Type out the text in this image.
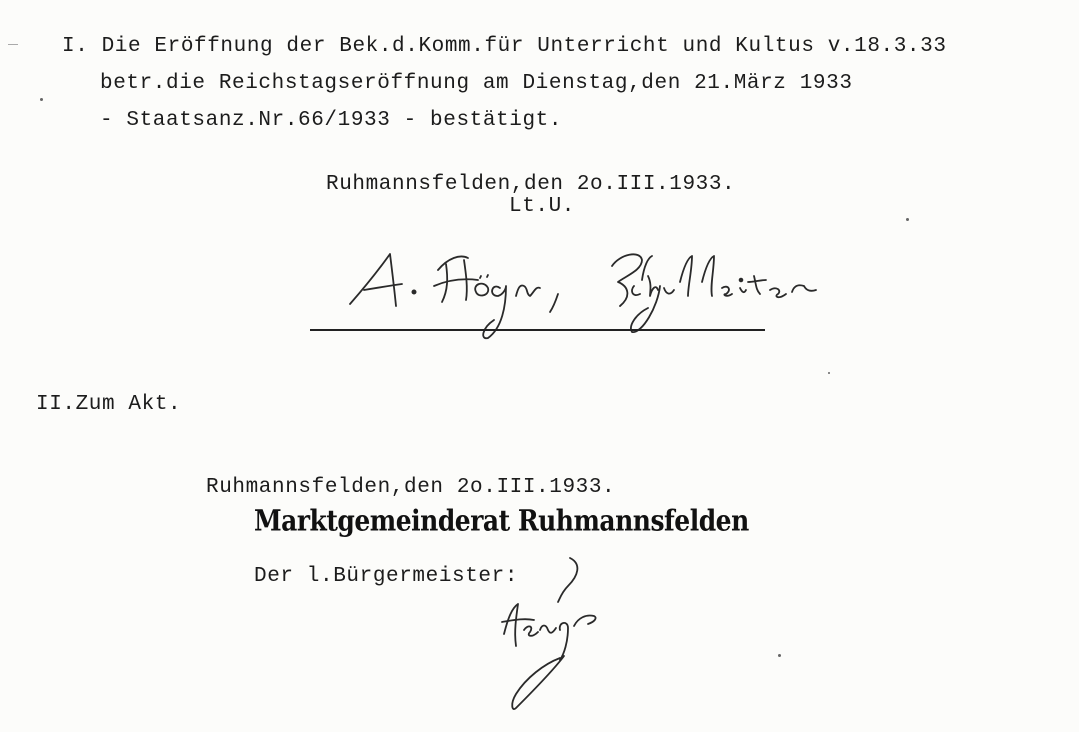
I. Die Eröffnung der Bek.d.Komm.für Unterricht und Kultus v.18.3.33
betr.die Reichstagseröffnung am Dienstag,den 21.März 1933
- Staatsanz.Nr.66/1933 - bestätigt.
Ruhmannsfelden,den 2o.III.1933.
Lt.U.
II.Zum Akt.
Ruhmannsfelden,den 2o.III.1933.
Marktgemeinderat Ruhmannsfelden
Der l.Bürgermeister:
